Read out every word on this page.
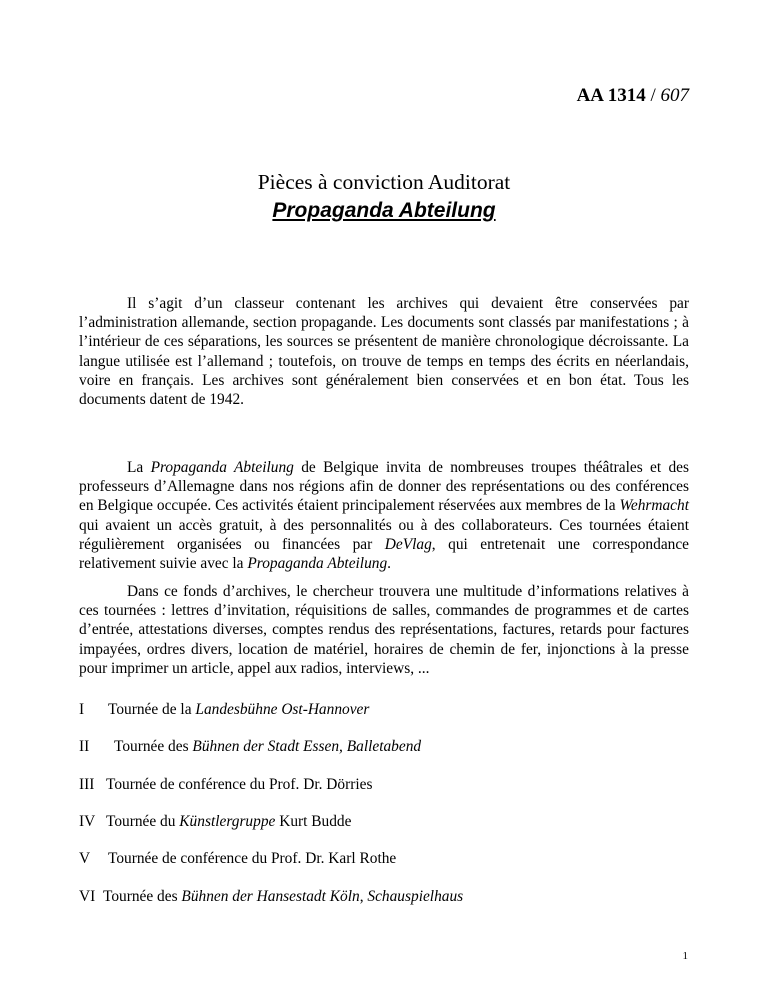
AA 1314 / 607
Pièces à conviction Auditorat
Propaganda Abteilung

Il s’agit d’un classeur contenant les archives qui devaient être conservées par l’administration allemande, section propagande. Les documents sont classés par manifestations ; à l’intérieur de ces séparations, les sources se présentent de manière chronologique décroissante. La langue utilisée est l’allemand ; toutefois, on trouve de temps en temps des écrits en néerlandais, voire en français. Les archives sont généralement bien conservées et en bon état. Tous les documents datent de 1942.

La Propaganda Abteilung de Belgique invita de nombreuses troupes théâtrales et des professeurs d’Allemagne dans nos régions afin de donner des représentations ou des conférences en Belgique occupée. Ces activités étaient principalement réservées aux membres de la Wehrmacht qui avaient un accès gratuit, à des personnalités ou à des collaborateurs. Ces tournées étaient régulièrement organisées ou financées par DeVlag, qui entretenait une correspondance relativement suivie avec la Propaganda Abteilung.

Dans ce fonds d’archives, le chercheur trouvera une multitude d’informations relatives à ces tournées : lettres d’invitation, réquisitions de salles, commandes de programmes et de cartes d’entrée, attestations diverses, comptes rendus des représentations, factures, retards pour factures impayées, ordres divers, location de matériel, horaires de chemin de fer, injonctions à la presse pour imprimer un article, appel aux radios, interviews, ...

I Tournée de la Landesbühne Ost-Hannover
II Tournée des Bühnen der Stadt Essen, Balletabend
III Tournée de conférence du Prof. Dr. Dörries
IV Tournée du Künstlergruppe Kurt Budde
V Tournée de conférence du Prof. Dr. Karl Rothe
VI Tournée des Bühnen der Hansestadt Köln, Schauspielhaus
1
